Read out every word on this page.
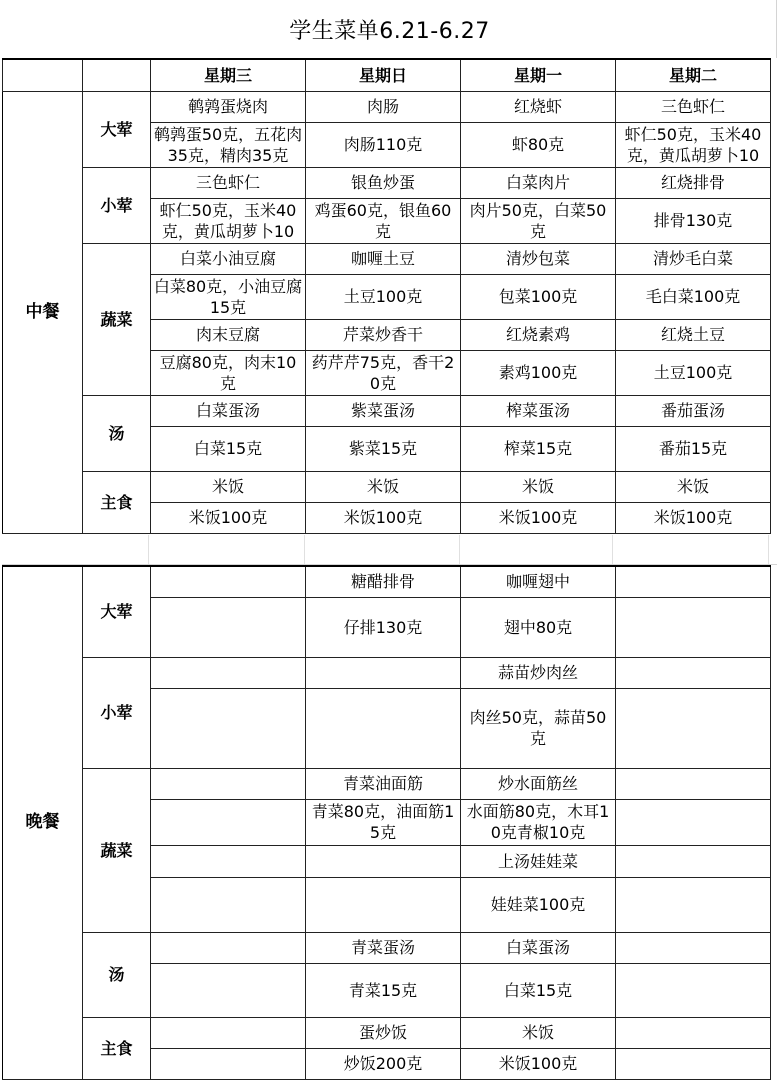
学生菜单6.21-6.27
		星期三	星期日	星期一	星期二
中餐	大荤	鹌鹑蛋烧肉	肉肠	红烧虾	三色虾仁
		鹌鹑蛋50克，五花肉35克，精肉35克	肉肠110克	虾80克	虾仁50克，玉米40克，黄瓜胡萝卜10
	小荤	三色虾仁	银鱼炒蛋	白菜肉片	红烧排骨
		虾仁50克，玉米40克，黄瓜胡萝卜10	鸡蛋60克，银鱼60克	肉片50克，白菜50克	排骨130克
	蔬菜	白菜小油豆腐	咖喱土豆	清炒包菜	清炒毛白菜
		白菜80克，小油豆腐15克	土豆100克	包菜100克	毛白菜100克
		肉末豆腐	芹菜炒香干	红烧素鸡	红烧土豆
		豆腐80克，肉末10克	药芹芹75克，香干20克	素鸡100克	土豆100克
	汤	白菜蛋汤	紫菜蛋汤	榨菜蛋汤	番茄蛋汤
		白菜15克	紫菜15克	榨菜15克	番茄15克
	主食	米饭	米饭	米饭	米饭
		米饭100克	米饭100克	米饭100克	米饭100克
晚餐	大荤		糖醋排骨	咖喱翅中	
			仔排130克	翅中80克	
	小荤			蒜苗炒肉丝	
				肉丝50克，蒜苗50克	
	蔬菜		青菜油面筋	炒水面筋丝	
			青菜80克，油面筋15克	水面筋80克，木耳10克青椒10克	
				上汤娃娃菜	
				娃娃菜100克	
	汤		青菜蛋汤	白菜蛋汤	
			青菜15克	白菜15克	
	主食		蛋炒饭	米饭	
			炒饭200克	米饭100克	
